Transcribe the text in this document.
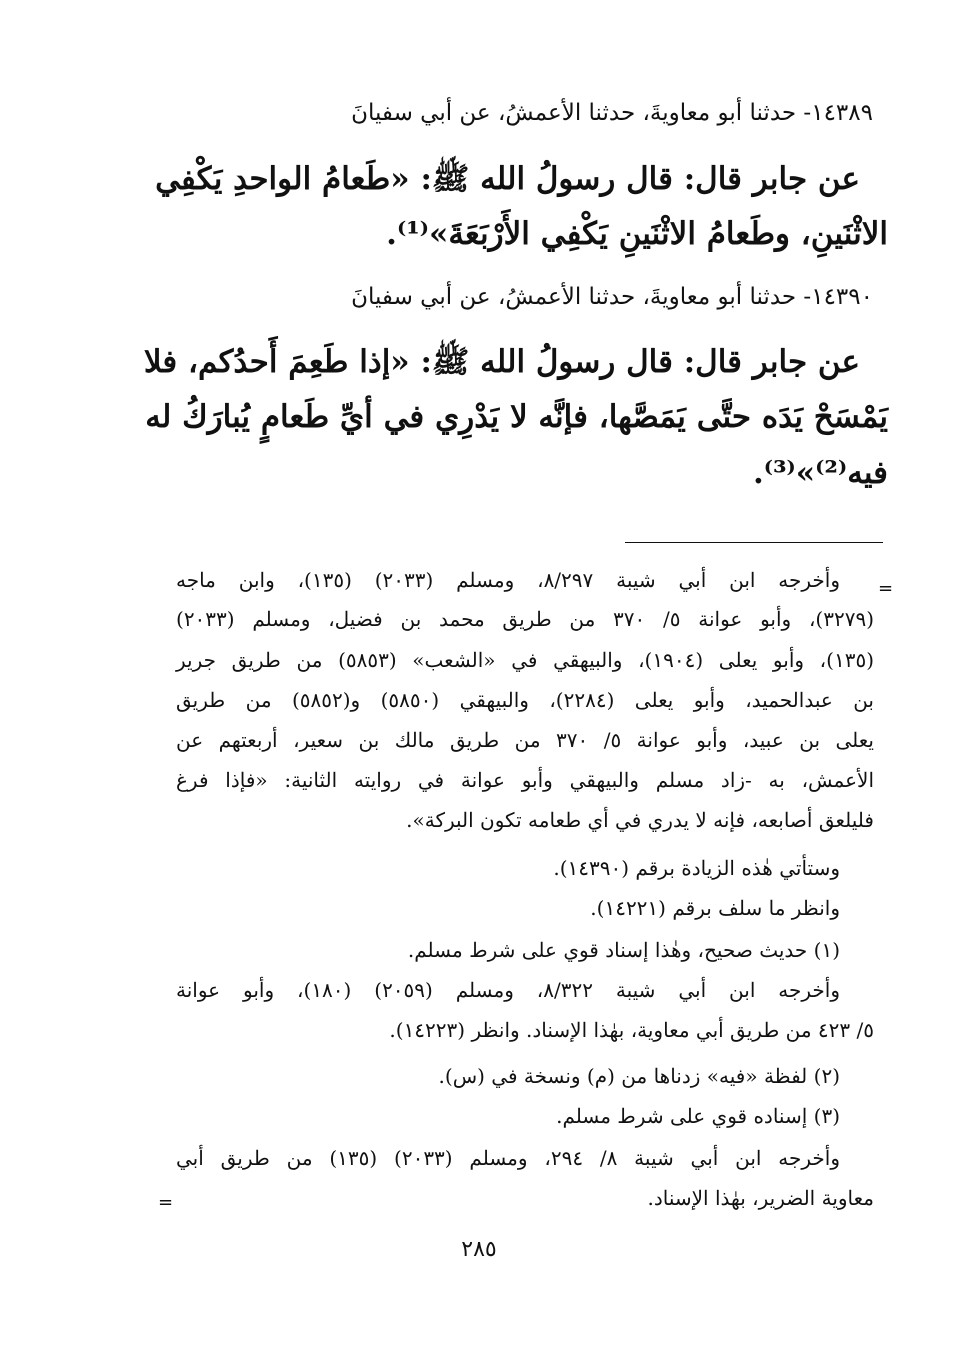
١٤٣٨٩- حدثنا أبو معاويةَ، حدثنا الأعمشُ، عن أبي سفيانَ
عن جابر قال: قال رسولُ الله ﷺ: «طَعامُ الواحدِ يَكْفِي
الاثْنَينِ، وطَعامُ الاثْنَينِ يَكْفِي الأَرْبَعَةَ»⁽¹⁾.
١٤٣٩٠- حدثنا أبو معاويةَ، حدثنا الأعمشُ، عن أبي سفيانَ
عن جابر قال: قال رسولُ الله ﷺ: «إذا طَعِمَ أَحدُكم، فلا
يَمْسَحْ يَدَه حتَّى يَمَصَّها، فإنَّه لا يَدْرِي في أيِّ طَعامٍ يُبارَكُ له
فيه⁽²⁾»⁽³⁾.
=
وأخرجه ابن أبي شيبة ٨/٢٩٧، ومسلم (٢٠٣٣) (١٣٥)، وابن ماجه
(٣٢٧٩)، وأبو عوانة ٥/ ٣٧٠ من طريق محمد بن فضيل، ومسلم (٢٠٣٣)
(١٣٥)، وأبو يعلى (١٩٠٤)، والبيهقي في «الشعب» (٥٨٥٣) من طريق جرير
بن عبدالحميد، وأبو يعلى (٢٢٨٤)، والبيهقي (٥٨٥٠) و(٥٨٥٢) من طريق
يعلى بن عبيد، وأبو عوانة ٥/ ٣٧٠ من طريق مالك بن سعير، أربعتهم عن
الأعمش، به -زاد مسلم والبيهقي وأبو عوانة في روايته الثانية: «فإذا فرغ
فليلعق أصابعه، فإنه لا يدري في أي طعامه تكون البركة».
وستأتي هٰذه الزيادة برقم (١٤٣٩٠).
وانظر ما سلف برقم (١٤٢٢١).
(١) حديث صحيح، وهٰذا إسناد قوي على شرط مسلم.
وأخرجه ابن أبي شيبة ٨/٣٢٢، ومسلم (٢٠٥٩) (١٨٠)، وأبو عوانة
٥/ ٤٢٣ من طريق أبي معاوية، بهٰذا الإسناد. وانظر (١٤٢٢٣).
(٢) لفظة «فيه» زدناها من (م) ونسخة في (س).
(٣) إسناده قوي على شرط مسلم.
وأخرجه ابن أبي شيبة ٨/ ٢٩٤، ومسلم (٢٠٣٣) (١٣٥) من طريق أبي
معاوية الضرير، بهٰذا الإسناد.
=
٢٨٥
